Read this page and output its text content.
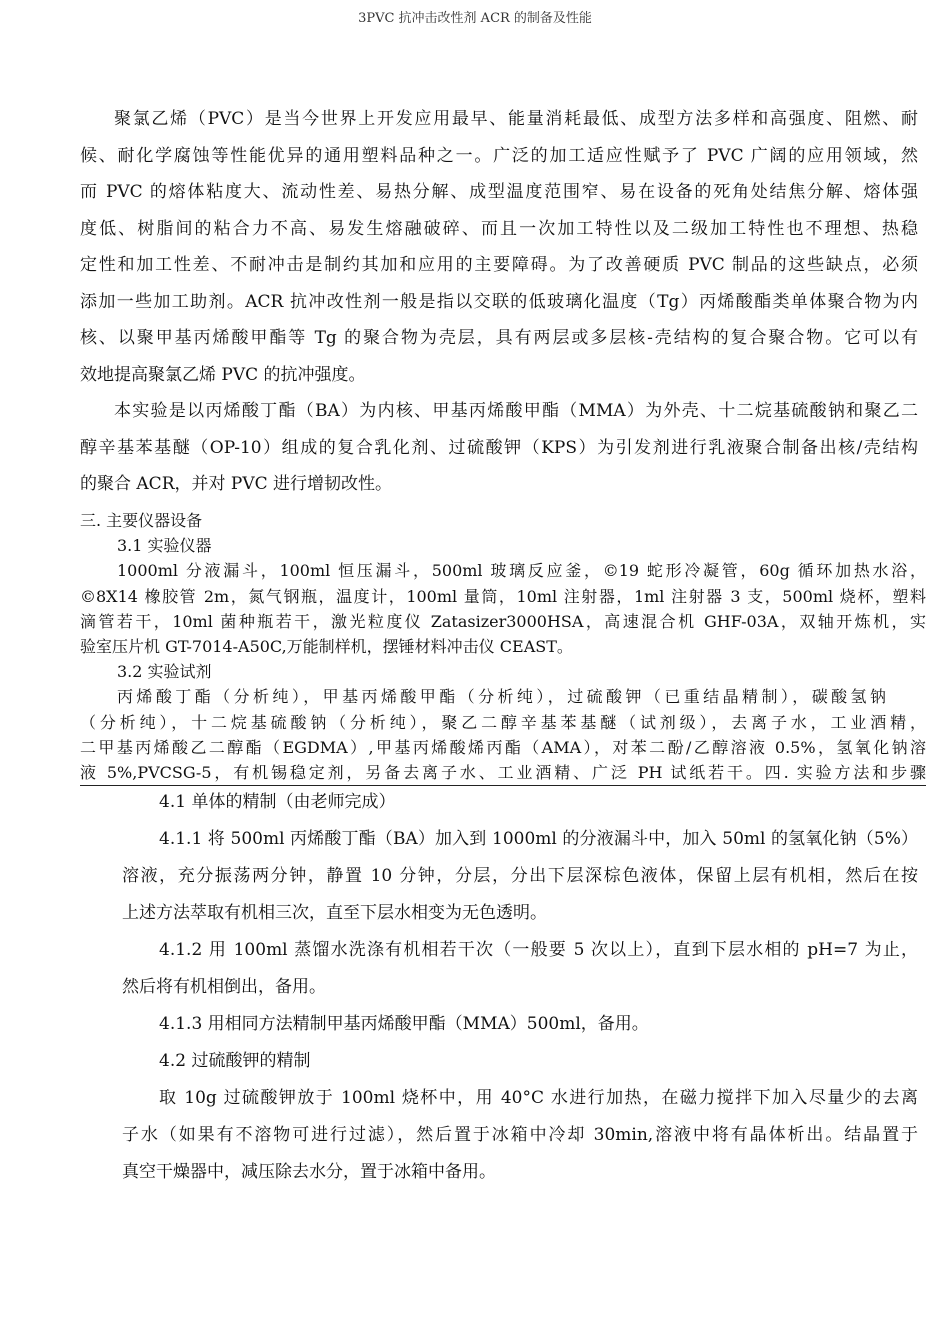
3PVC 抗冲击改性剂 ACR 的制备及性能
聚氯乙烯（PVC）是当今世界上开发应用最早、能量消耗最低、成型方法多样和高强度、阻燃、耐
候、耐化学腐蚀等性能优异的通用塑料品种之一。广泛的加工适应性赋予了 PVC 广阔的应用领域，然
而 PVC 的熔体粘度大、流动性差、易热分解、成型温度范围窄、易在设备的死角处结焦分解、熔体强
度低、树脂间的粘合力不高、易发生熔融破碎、而且一次加工特性以及二级加工特性也不理想、热稳
定性和加工性差、不耐冲击是制约其加和应用的主要障碍。为了改善硬质 PVC 制品的这些缺点，必须
添加一些加工助剂。ACR 抗冲改性剂一般是指以交联的低玻璃化温度（Tg）丙烯酸酯类单体聚合物为内
核、以聚甲基丙烯酸甲酯等 Tg 的聚合物为壳层，具有两层或多层核-壳结构的复合聚合物。它可以有
效地提高聚氯乙烯 PVC 的抗冲强度。
本实验是以丙烯酸丁酯（BA）为内核、甲基丙烯酸甲酯（MMA）为外壳、十二烷基硫酸钠和聚乙二
醇辛基苯基醚（OP-10）组成的复合乳化剂、过硫酸钾（KPS）为引发剂进行乳液聚合制备出核/壳结构
的聚合 ACR，并对 PVC 进行增韧改性。
三. 主要仪器设备
3.1 实验仪器
1000ml 分液漏斗，100ml 恒压漏斗，500ml 玻璃反应釜，©19 蛇形冷凝管，60g 循环加热水浴，
©8X14 橡胶管 2m，氮气钢瓶，温度计，100ml 量筒，10ml 注射器，1ml 注射器 3 支，500ml 烧杯，塑料
滴管若干，10ml 菌种瓶若干，激光粒度仪 Zatasizer3000HSA，高速混合机 GHF-03A，双轴开炼机，实
验室压片机 GT-7014-A50C,万能制样机，摆锤材料冲击仪 CEAST。
3.2 实验试剂
丙烯酸丁酯（分析纯），甲基丙烯酸甲酯（分析纯），过硫酸钾（已重结晶精制），碳酸氢钠
（分析纯），十二烷基硫酸钠（分析纯），聚乙二醇辛基苯基醚（试剂级），去离子水，工业酒精，
二甲基丙烯酸乙二醇酯（EGDMA）,甲基丙烯酸烯丙酯（AMA），对苯二酚/乙醇溶液 0.5%，氢氧化钠溶
液 5%,PVCSG-5，有机锡稳定剂，另备去离子水、工业酒精、广泛 PH 试纸若干。四. 实验方法和步骤
4.1 单体的精制（由老师完成）
4.1.1 将 500ml 丙烯酸丁酯（BA）加入到 1000ml 的分液漏斗中，加入 50ml 的氢氧化钠（5%）
溶液，充分振荡两分钟，静置 10 分钟，分层，分出下层深棕色液体，保留上层有机相，然后在按
上述方法萃取有机相三次，直至下层水相变为无色透明。
4.1.2 用 100ml 蒸馏水洗涤有机相若干次（一般要 5 次以上），直到下层水相的 pH=7 为止，
然后将有机相倒出，备用。
4.1.3 用相同方法精制甲基丙烯酸甲酯（MMA）500ml，备用。
4.2 过硫酸钾的精制
取 10g 过硫酸钾放于 100ml 烧杯中，用 40°C 水进行加热，在磁力搅拌下加入尽量少的去离
子水（如果有不溶物可进行过滤），然后置于冰箱中冷却 30min,溶液中将有晶体析出。结晶置于
真空干燥器中，减压除去水分，置于冰箱中备用。
